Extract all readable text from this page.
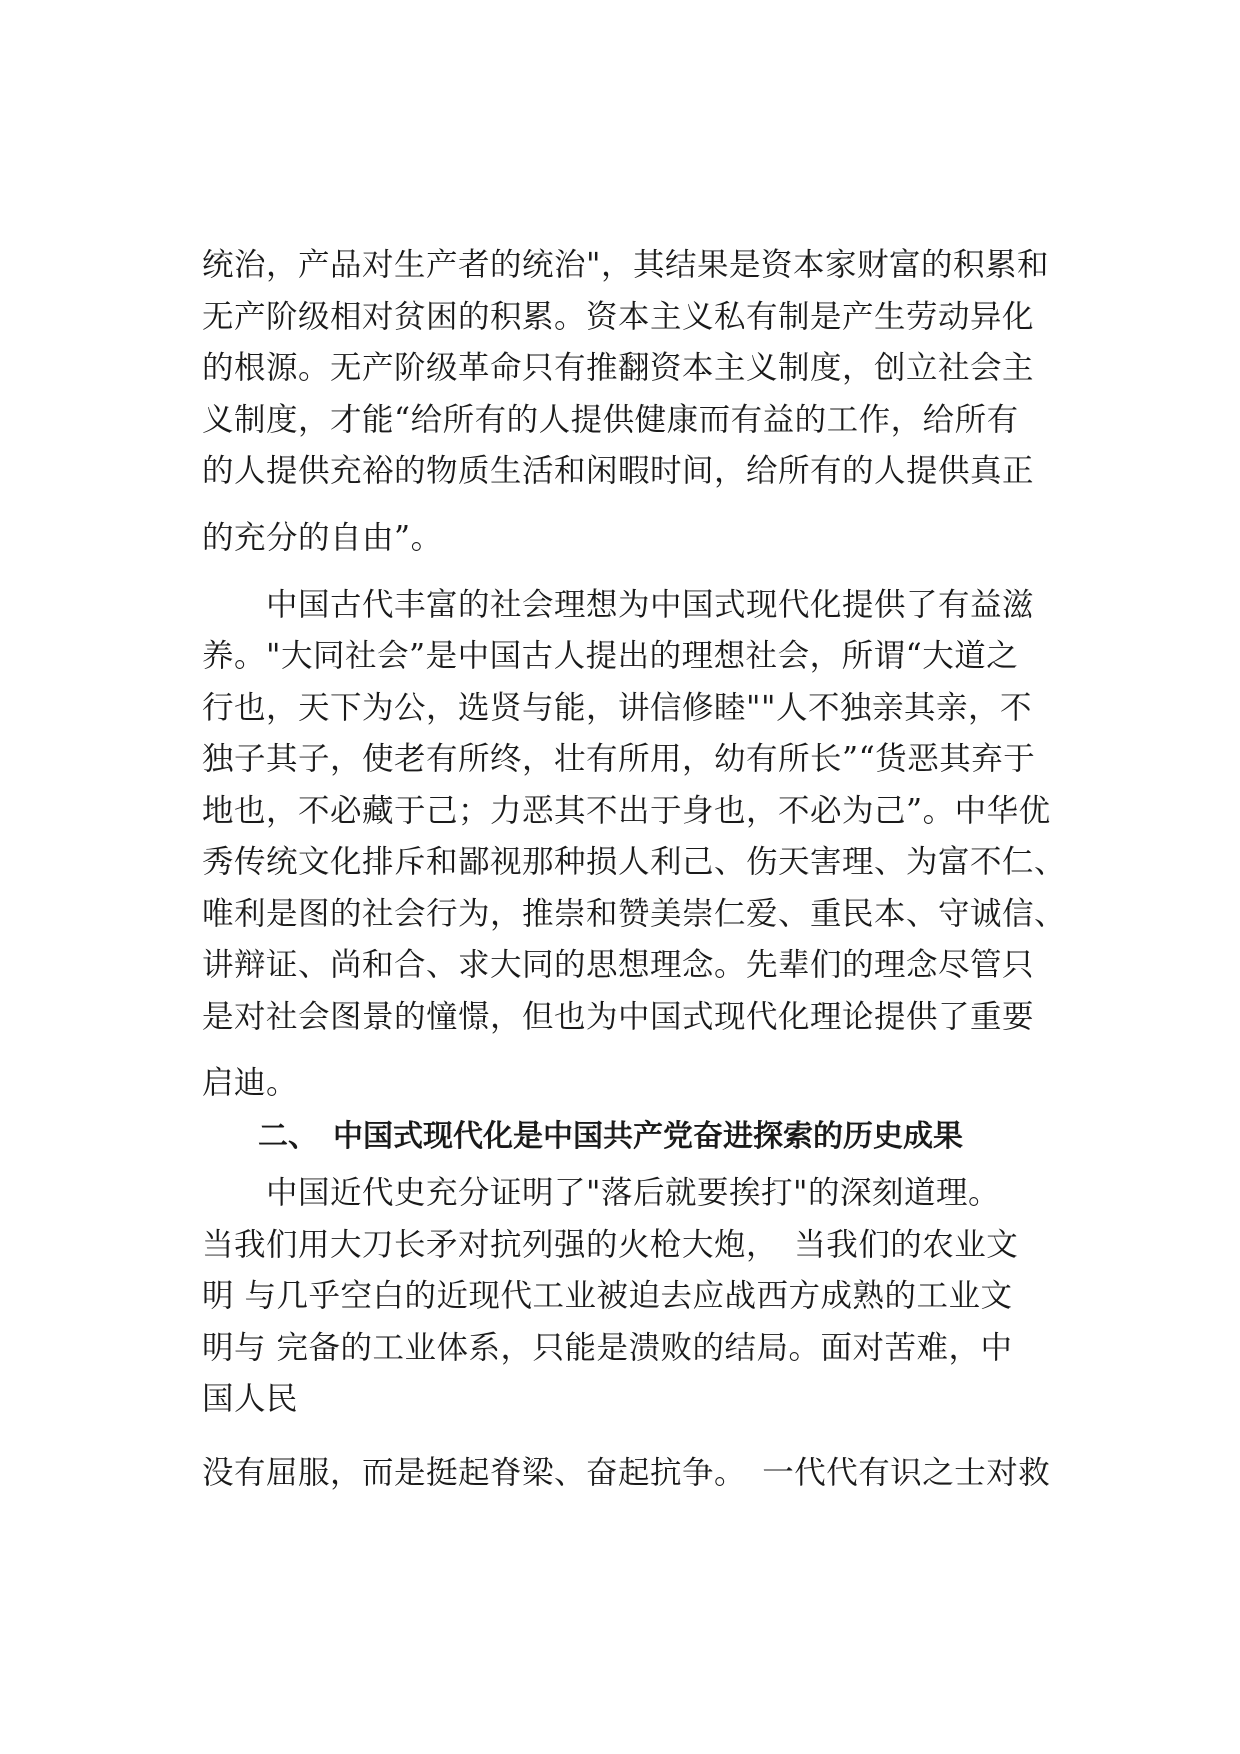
统治，产品对生产者的统治"，其结果是资本家财富的积累和
无产阶级相对贫困的积累。资本主义私有制是产生劳动异化
的根源。无产阶级革命只有推翻资本主义制度，创立社会主
义制度，才能“给所有的人提供健康而有益的工作，给所有
的人提供充裕的物质生活和闲暇时间，给所有的人提供真正
的充分的自由”。
　　中国古代丰富的社会理想为中国式现代化提供了有益滋
养。"大同社会”是中国古人提出的理想社会，所谓“大道之
行也，天下为公，选贤与能，讲信修睦""人不独亲其亲，不
独子其子，使老有所终，壮有所用，幼有所长”“货恶其弃于
地也，不必藏于己；力恶其不出于身也，不必为己”。中华优
秀传统文化排斥和鄙视那种损人利己、伤天害理、为富不仁、
唯利是图的社会行为，推崇和赞美崇仁爱、重民本、守诚信、
讲辩证、尚和合、求大同的思想理念。先辈们的理念尽管只
是对社会图景的憧憬，但也为中国式现代化理论提供了重要
启迪。
二、　中国式现代化是中国共产党奋进探索的历史成果
　　中国近代史充分证明了"落后就要挨打"的深刻道理。
当我们用大刀长矛对抗列强的火枪大炮，　当我们的农业文
明 与几乎空白的近现代工业被迫去应战西方成熟的工业文
明与 完备的工业体系，只能是溃败的结局。面对苦难，中
国人民
没有屈服，而是挺起脊梁、奋起抗争。　一代代有识之士对救
